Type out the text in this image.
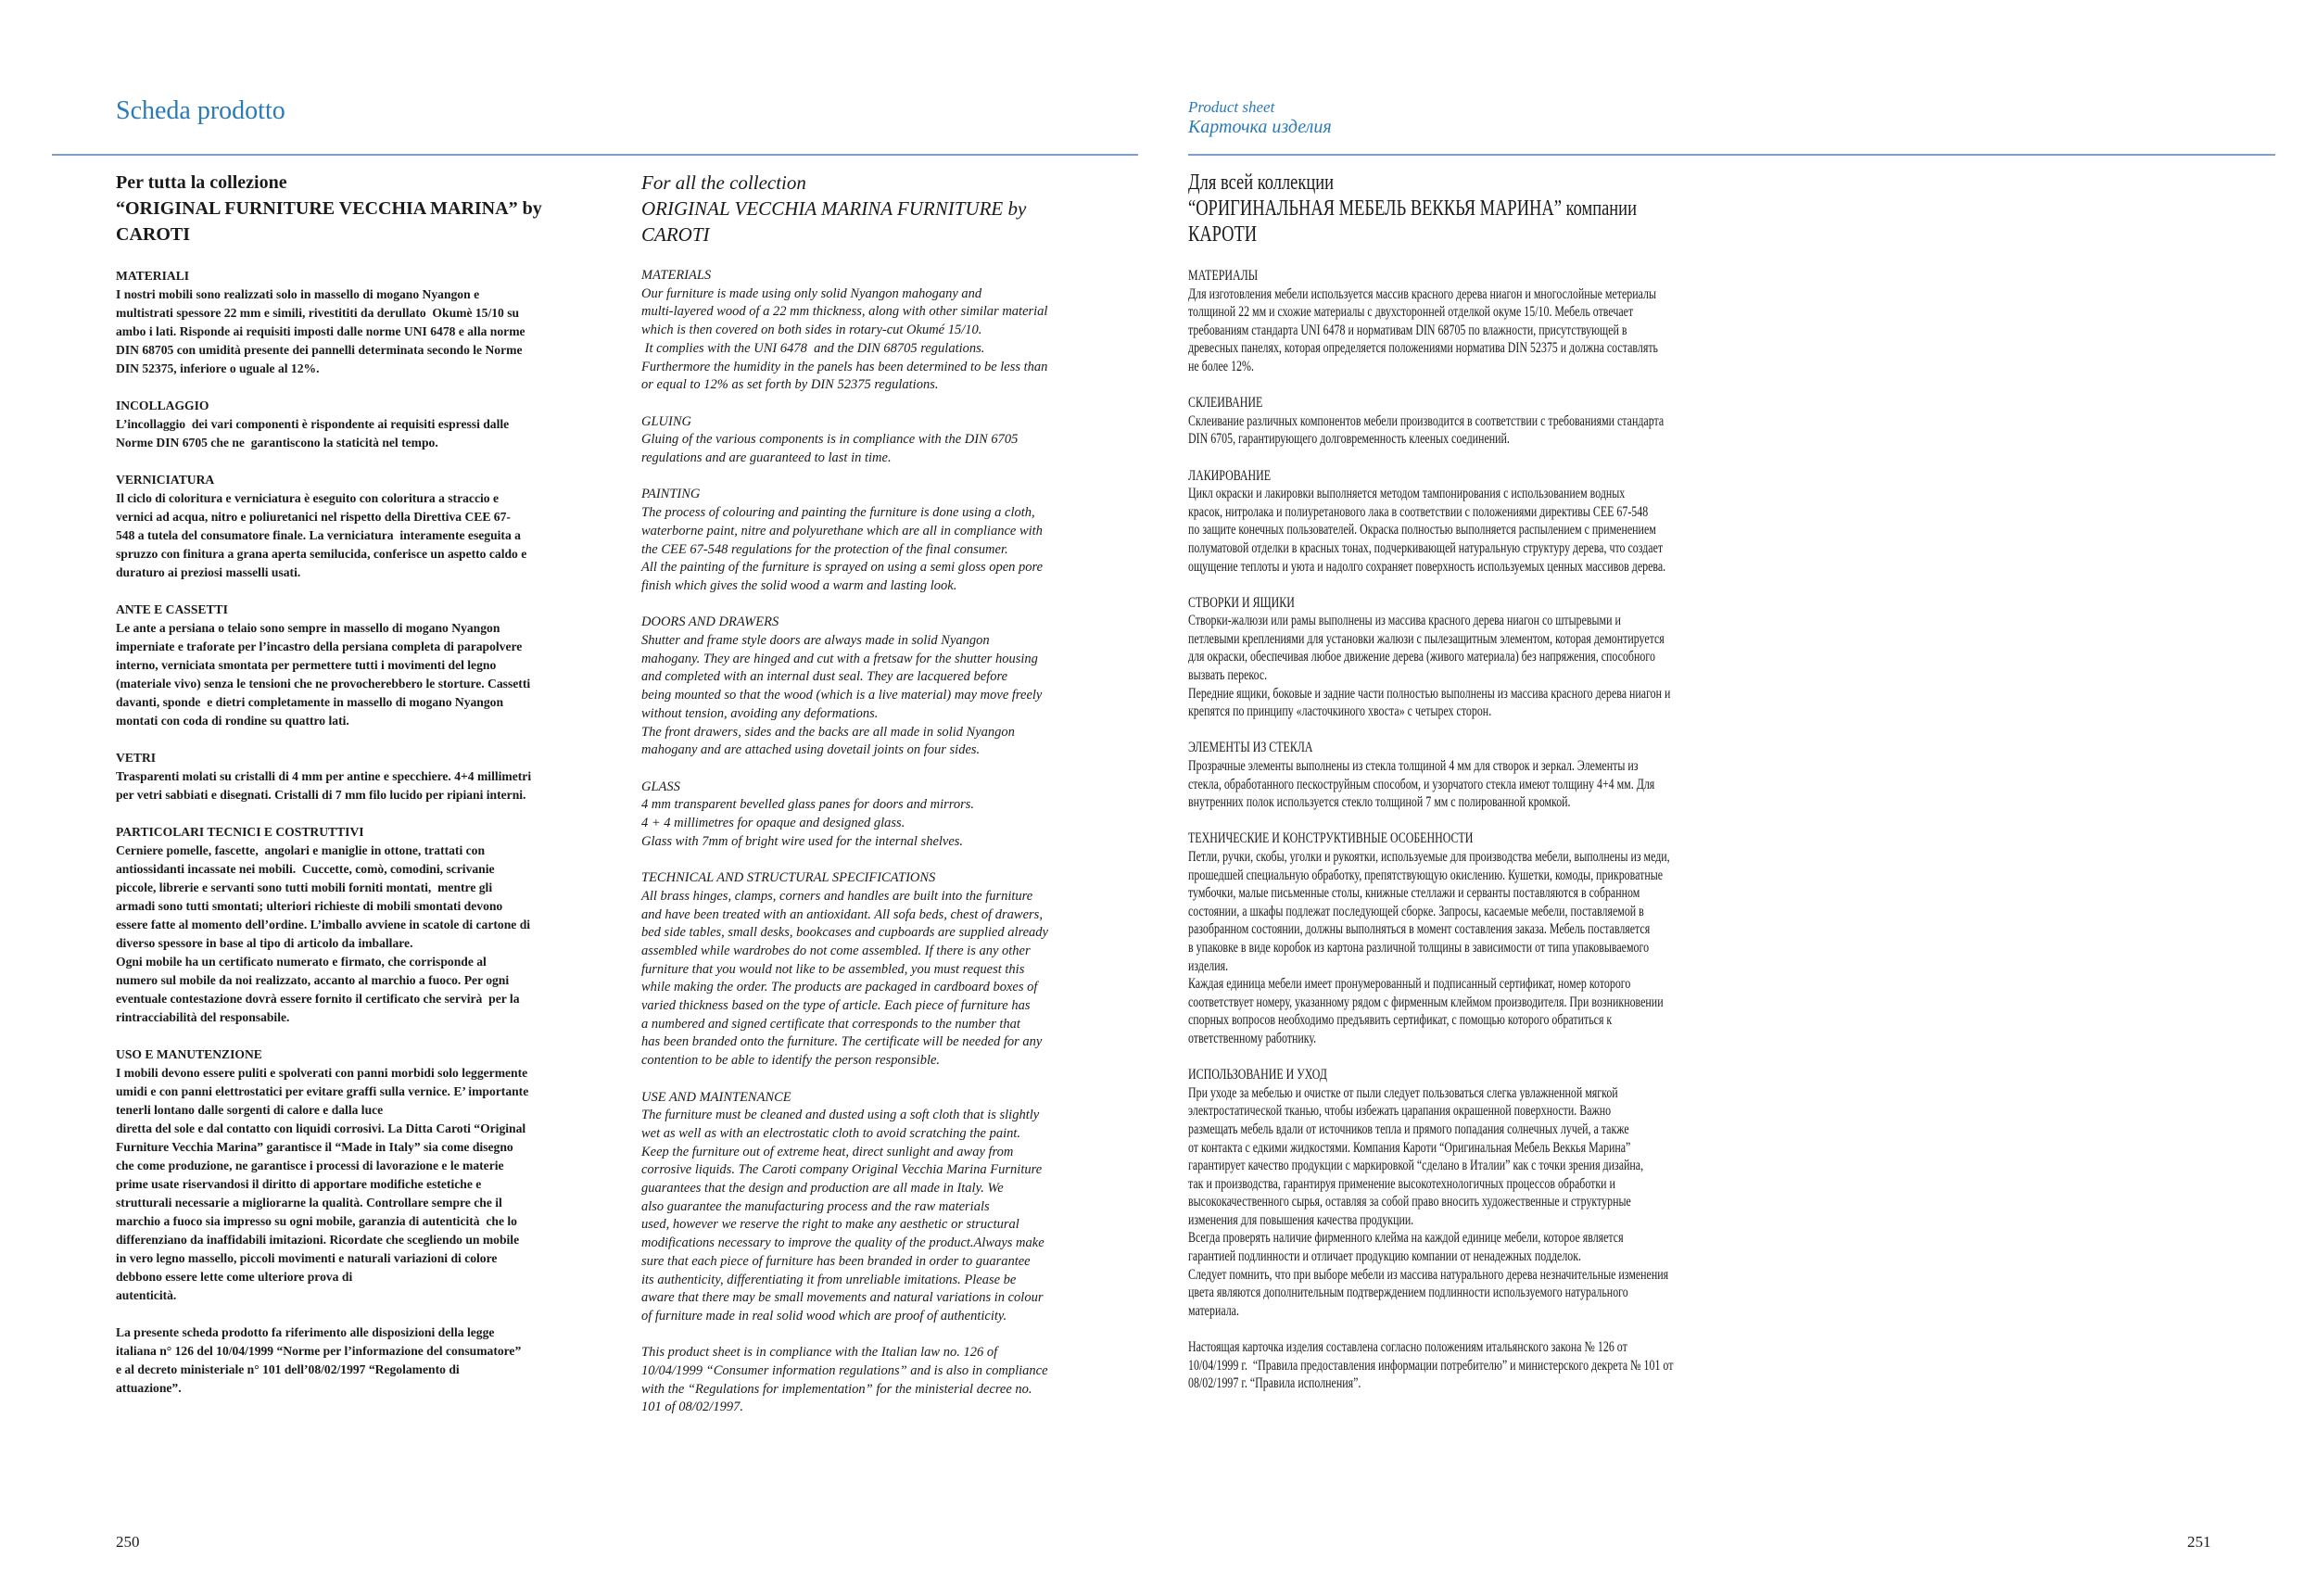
Scheda prodotto	Product sheet
Карточка изделия
Per tutta la collezione
“ORIGINAL FURNITURE VECCHIA MARINA” by
CAROTI
MATERIALI
I nostri mobili sono realizzati solo in massello di mogano Nyangon e
multistrati spessore 22 mm e simili, rivestititi da derullato  Okumè 15/10 su
ambo i lati. Risponde ai requisiti imposti dalle norme UNI 6478 e alla norme
DIN 68705 con umidità presente dei pannelli determinata secondo le Norme
DIN 52375, inferiore o uguale al 12%.
INCOLLAGGIO
L’incollaggio  dei vari componenti è rispondente ai requisiti espressi dalle
Norme DIN 6705 che ne  garantiscono la staticità nel tempo.
VERNICIATURA
Il ciclo di coloritura e verniciatura è eseguito con coloritura a straccio e
vernici ad acqua, nitro e poliuretanici nel rispetto della Direttiva CEE 67-
548 a tutela del consumatore finale. La verniciatura  interamente eseguita a
spruzzo con finitura a grana aperta semilucida, conferisce un aspetto caldo e
duraturo ai preziosi masselli usati.
ANTE E CASSETTI
Le ante a persiana o telaio sono sempre in massello di mogano Nyangon
imperniate e traforate per l’incastro della persiana completa di parapolvere
interno, verniciata smontata per permettere tutti i movimenti del legno
(materiale vivo) senza le tensioni che ne provocherebbero le storture. Cassetti
davanti, sponde  e dietri completamente in massello di mogano Nyangon
montati con coda di rondine su quattro lati.
VETRI
Trasparenti molati su cristalli di 4 mm per antine e specchiere. 4+4 millimetri
per vetri sabbiati e disegnati. Cristalli di 7 mm filo lucido per ripiani interni.
PARTICOLARI TECNICI E COSTRUTTIVI
Cerniere pomelle, fascette,  angolari e maniglie in ottone, trattati con
antiossidanti incassate nei mobili.  Cuccette, comò, comodini, scrivanie
piccole, librerie e servanti sono tutti mobili forniti montati,  mentre gli
armadi sono tutti smontati; ulteriori richieste di mobili smontati devono
essere fatte al momento dell’ordine. L’imballo avviene in scatole di cartone di
diverso spessore in base al tipo di articolo da imballare.
Ogni mobile ha un certificato numerato e firmato, che corrisponde al
numero sul mobile da noi realizzato, accanto al marchio a fuoco. Per ogni
eventuale contestazione dovrà essere fornito il certificato che servirà  per la
rintracciabilità del responsabile.
USO E MANUTENZIONE
I mobili devono essere puliti e spolverati con panni morbidi solo leggermente
umidi e con panni elettrostatici per evitare graffi sulla vernice. E’ importante
tenerli lontano dalle sorgenti di calore e dalla luce
diretta del sole e dal contatto con liquidi corrosivi. La Ditta Caroti “Original
Furniture Vecchia Marina” garantisce il “Made in Italy” sia come disegno
che come produzione, ne garantisce i processi di lavorazione e le materie
prime usate riservandosi il diritto di apportare modifiche estetiche e
strutturali necessarie a migliorarne la qualità. Controllare sempre che il
marchio a fuoco sia impresso su ogni mobile, garanzia di autenticità  che lo
differenziano da inaffidabili imitazioni. Ricordate che scegliendo un mobile
in vero legno massello, piccoli movimenti e naturali variazioni di colore
debbono essere lette come ulteriore prova di
autenticità.
La presente scheda prodotto fa riferimento alle disposizioni della legge
italiana n° 126 del 10/04/1999 “Norme per l’informazione del consumatore”
e al decreto ministeriale n° 101 dell’08/02/1997 “Regolamento di
attuazione”.
For all the collection
ORIGINAL VECCHIA MARINA FURNITURE by
CAROTI
MATERIALS
Our furniture is made using only solid Nyangon mahogany and
multi-layered wood of a 22 mm thickness, along with other similar material
which is then covered on both sides in rotary-cut Okumé 15/10.
It complies with the UNI 6478  and the DIN 68705 regulations.
Furthermore the humidity in the panels has been determined to be less than
or equal to 12% as set forth by DIN 52375 regulations.
GLUING
Gluing of the various components is in compliance with the DIN 6705
regulations and are guaranteed to last in time.
PAINTING
The process of colouring and painting the furniture is done using a cloth,
waterborne paint, nitre and polyurethane which are all in compliance with
the CEE 67-548 regulations for the protection of the final consumer.
All the painting of the furniture is sprayed on using a semi gloss open pore
finish which gives the solid wood a warm and lasting look.
DOORS AND DRAWERS
Shutter and frame style doors are always made in solid Nyangon
mahogany. They are hinged and cut with a fretsaw for the shutter housing
and completed with an internal dust seal. They are lacquered before
being mounted so that the wood (which is a live material) may move freely
without tension, avoiding any deformations.
The front drawers, sides and the backs are all made in solid Nyangon
mahogany and are attached using dovetail joints on four sides.
GLASS
4 mm transparent bevelled glass panes for doors and mirrors.
4 + 4 millimetres for opaque and designed glass.
Glass with 7mm of bright wire used for the internal shelves.
TECHNICAL AND STRUCTURAL SPECIFICATIONS
All brass hinges, clamps, corners and handles are built into the furniture
and have been treated with an antioxidant. All sofa beds, chest of drawers,
bed side tables, small desks, bookcases and cupboards are supplied already
assembled while wardrobes do not come assembled. If there is any other
furniture that you would not like to be assembled, you must request this
while making the order. The products are packaged in cardboard boxes of
varied thickness based on the type of article. Each piece of furniture has
a numbered and signed certificate that corresponds to the number that
has been branded onto the furniture. The certificate will be needed for any
contention to be able to identify the person responsible.
USE AND MAINTENANCE
The furniture must be cleaned and dusted using a soft cloth that is slightly
wet as well as with an electrostatic cloth to avoid scratching the paint.
Keep the furniture out of extreme heat, direct sunlight and away from
corrosive liquids. The Caroti company Original Vecchia Marina Furniture
guarantees that the design and production are all made in Italy. We
also guarantee the manufacturing process and the raw materials
used, however we reserve the right to make any aesthetic or structural
modifications necessary to improve the quality of the product.Always make
sure that each piece of furniture has been branded in order to guarantee
its authenticity, differentiating it from unreliable imitations. Please be
aware that there may be small movements and natural variations in colour
of furniture made in real solid wood which are proof of authenticity.
This product sheet is in compliance with the Italian law no. 126 of
10/04/1999 “Consumer information regulations” and is also in compliance
with the “Regulations for implementation” for the ministerial decree no.
101 of 08/02/1997.
Для всей коллекции
“ОРИГИНАЛЬНАЯ МЕБЕЛЬ ВЕККЬЯ МАРИНА” компании
КАРОТИ
МАТЕРИАЛЫ
Для изготовления мебели используется массив красного дерева ниагон и многослойные метериалы
толщиной 22 мм и схожие материалы с двухсторонней отделкой окуме 15/10. Мебель отвечает
требованиям стандарта UNI 6478 и нормативам DIN 68705 по влажности, присутствующей в
древесных панелях, которая определяется положениями норматива DIN 52375 и должна составлять
не более 12%.
СКЛЕИВАНИЕ
Склеивание различных компонентов мебели производится в соответствии с требованиями стандарта
DIN 6705, гарантирующего долговременность клееных соединений.
ЛАКИРОВАНИЕ
Цикл окраски и лакировки выполняется методом тампонирования с использованием водных
красок, нитролака и полиуретанового лака в соответствии с положениями директивы CEE 67-548
по защите конечных пользователей. Окраска полностью выполняется распылением с применением
полуматовой отделки в красных тонах, подчеркивающей натуральную структуру дерева, что создает
ощущение теплоты и уюта и надолго сохраняет поверхность используемых ценных массивов дерева.
СТВОРКИ И ЯЩИКИ
Створки-жалюзи или рамы выполнены из массива красного дерева ниагон со штыревыми и
петлевыми креплениями для установки жалюзи с пылезащитным элементом, которая демонтируется
для окраски, обеспечивая любое движение дерева (живого материала) без напряжения, способного
вызвать перекос.
Передние ящики, боковые и задние части полностью выполнены из массива красного дерева ниагон и
крепятся по принципу «ласточкиного хвоста» с четырех сторон.
ЭЛЕМЕНТЫ ИЗ СТЕКЛА
Прозрачные элементы выполнены из стекла толщиной 4 мм для створок и зеркал. Элементы из
стекла, обработанного пескоструйным способом, и узорчатого стекла имеют толщину 4+4 мм. Для
внутренних полок используется стекло толщиной 7 мм с полированной кромкой.
ТЕХНИЧЕСКИЕ И КОНСТРУКТИВНЫЕ ОСОБЕННОСТИ
Петли, ручки, скобы, уголки и рукоятки, используемые для производства мебели, выполнены из меди,
прошедшей специальную обработку, препятствующую окислению. Кушетки, комоды, прикроватные
тумбочки, малые письменные столы, книжные стеллажи и серванты поставляются в собранном
состоянии, а шкафы подлежат последующей сборке. Запросы, касаемые мебели, поставляемой в
разобранном состоянии, должны выполняться в момент составления заказа. Мебель поставляется
в упаковке в виде коробок из картона различной толщины в зависимости от типа упаковываемого
изделия.
Каждая единица мебели имеет пронумерованный и подписанный сертификат, номер которого
соответствует номеру, указанному рядом с фирменным клеймом производителя. При возникновении
спорных вопросов необходимо предъявить сертификат, с помощью которого обратиться к
ответственному работнику.
ИСПОЛЬЗОВАНИЕ И УХОД
При уходе за мебелью и очистке от пыли следует пользоваться слегка увлажненной мягкой
электростатической тканью, чтобы избежать царапания окрашенной поверхности. Важно
размещать мебель вдали от источников тепла и прямого попадания солнечных лучей, а также
от контакта с едкими жидкостями. Компания Кароти “Оригинальная Мебель Веккья Марина”
гарантирует качество продукции с маркировкой “сделано в Италии” как с точки зрения дизайна,
так и производства, гарантируя применение высокотехнологичных процессов обработки и
высококачественного сырья, оставляя за собой право вносить художественные и структурные
изменения для повышения качества продукции.
Всегда проверять наличие фирменного клейма на каждой единице мебели, которое является
гарантией подлинности и отличает продукцию компании от ненадежных подделок.
Следует помнить, что при выборе мебели из массива натурального дерева незначительные изменения
цвета являются дополнительным подтверждением подлинности используемого натурального
материала.
Настоящая карточка изделия составлена согласно положениям итальянского закона № 126 от
10/04/1999 г.  “Правила предоставления информации потребителю” и министерского декрета № 101 от
08/02/1997 г. “Правила исполнения”.
250	251
